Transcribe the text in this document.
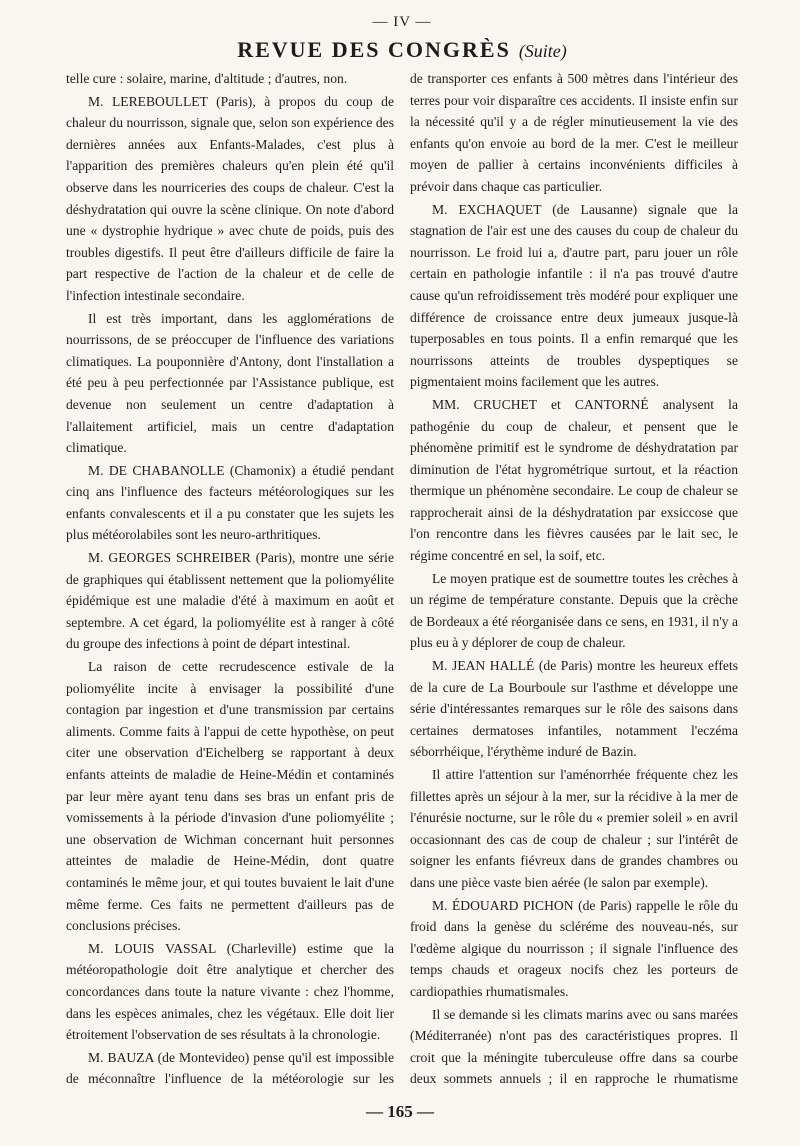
— IV —
REVUE DES CONGRÈS (Suite)

telle cure : solaire, marine, d'altitude ; d'autres, non.

M. LEREBOULLET (Paris), à propos du coup de chaleur du nourrisson, signale que, selon son expérience des dernières années aux Enfants-Malades, c'est plus à l'apparition des premières chaleurs qu'en plein été qu'il observe dans les nourriceries des coups de chaleur. C'est la déshydratation qui ouvre la scène clinique. On note d'abord une « dystrophie hydrique » avec chute de poids, puis des troubles digestifs. Il peut être d'ailleurs difficile de faire la part respective de l'action de la chaleur et de celle de l'infection intestinale secondaire.

Il est très important, dans les agglomérations de nourrissons, de se préoccuper de l'influence des variations climatiques. La pouponnière d'Antony, dont l'installation a été peu à peu perfectionnée par l'Assistance publique, est devenue non seulement un centre d'adaptation à l'allaitement artificiel, mais un centre d'adaptation climatique.

M. DE CHABANOLLE (Chamonix) a étudié pendant cinq ans l'influence des facteurs météorologiques sur les enfants convalescents et il a pu constater que les sujets les plus météorolabiles sont les neuro-arthritiques.

M. GEORGES SCHREIBER (Paris), montre une série de graphiques qui établissent nettement que la poliomyélite épidémique est une maladie d'été à maximum en août et septembre. A cet égard, la poliomyélite est à ranger à côté du groupe des infections à point de départ intestinal.

La raison de cette recrudescence estivale de la poliomyélite incite à envisager la possibilité d'une contagion par ingestion et d'une transmission par certains aliments. Comme faits à l'appui de cette hypothèse, on peut citer une observation d'Eichelberg se rapportant à deux enfants atteints de maladie de Heine-Médin et contaminés par leur mère ayant tenu dans ses bras un enfant pris de vomissements à la période d'invasion d'une poliomyélite ; une observation de Wichman concernant huit personnes atteintes de maladie de Heine-Médin, dont quatre contaminés le même jour, et qui toutes buvaient le lait d'une même ferme. Ces faits ne permettent d'ailleurs pas de conclusions précises.

M. LOUIS VASSAL (Charleville) estime que la météoropathologie doit être analytique et chercher des concordances dans toute la nature vivante : chez l'homme, dans les espèces animales, chez les végétaux. Elle doit lier étroitement l'observation de ses résultats à la chronologie.

M. BAUZA (de Montevideo) pense qu'il est impossible de méconnaître l'influence de la météorologie sur les

de transporter ces enfants à 500 mètres dans l'intérieur des terres pour voir disparaître ces accidents. Il insiste enfin sur la nécessité qu'il y a de régler minutieusement la vie des enfants qu'on envoie au bord de la mer. C'est le meilleur moyen de pallier à certains inconvénients difficiles à prévoir dans chaque cas particulier.

M. EXCHAQUET (de Lausanne) signale que la stagnation de l'air est une des causes du coup de chaleur du nourrisson. Le froid lui a, d'autre part, paru jouer un rôle certain en pathologie infantile : il n'a pas trouvé d'autre cause qu'un refroidissement très modéré pour expliquer une différence de croissance entre deux jumeaux jusque-là tuperposables en tous points. Il a enfin remarqué que les nourrissons atteints de troubles dyspeptiques se pigmentaient moins facilement que les autres.

MM. CRUCHET et CANTORNÉ analysent la pathogénie du coup de chaleur, et pensent que le phénomène primitif est le syndrome de déshydratation par diminution de l'état hygrométrique surtout, et la réaction thermique un phénomène secondaire. Le coup de chaleur se rapprocherait ainsi de la déshydratation par exsiccose que l'on rencontre dans les fièvres causées par le lait sec, le régime concentré en sel, la soif, etc.

Le moyen pratique est de soumettre toutes les crèches à un régime de température constante. Depuis que la crèche de Bordeaux a été réorganisée dans ce sens, en 1931, il n'y a plus eu à y déplorer de coup de chaleur.

M. JEAN HALLÉ (de Paris) montre les heureux effets de la cure de La Bourboule sur l'asthme et développe une série d'intéressantes remarques sur le rôle des saisons dans certaines dermatoses infantiles, notamment l'eczéma séborrhéique, l'érythème induré de Bazin.

Il attire l'attention sur l'aménorrhée fréquente chez les fillettes après un séjour à la mer, sur la récidive à la mer de l'énurésie nocturne, sur le rôle du « premier soleil » en avril occasionnant des cas de coup de chaleur ; sur l'intérêt de soigner les enfants fiévreux dans de grandes chambres ou dans une pièce vaste bien aérée (le salon par exemple).

M. ÉDOUARD PICHON (de Paris) rappelle le rôle du froid dans la genèse du scléréme des nouveau-nés, sur l'œdème algique du nourrisson ; il signale l'influence des temps chauds et orageux nocifs chez les porteurs de cardiopathies rhumatismales.

Il se demande si les climats marins avec ou sans marées (Méditerranée) n'ont pas des caractéristiques propres. Il croit que la méningite tuberculeuse offre dans sa courbe deux sommets annuels ; il en rapproche le rhumatisme

— 165 —
